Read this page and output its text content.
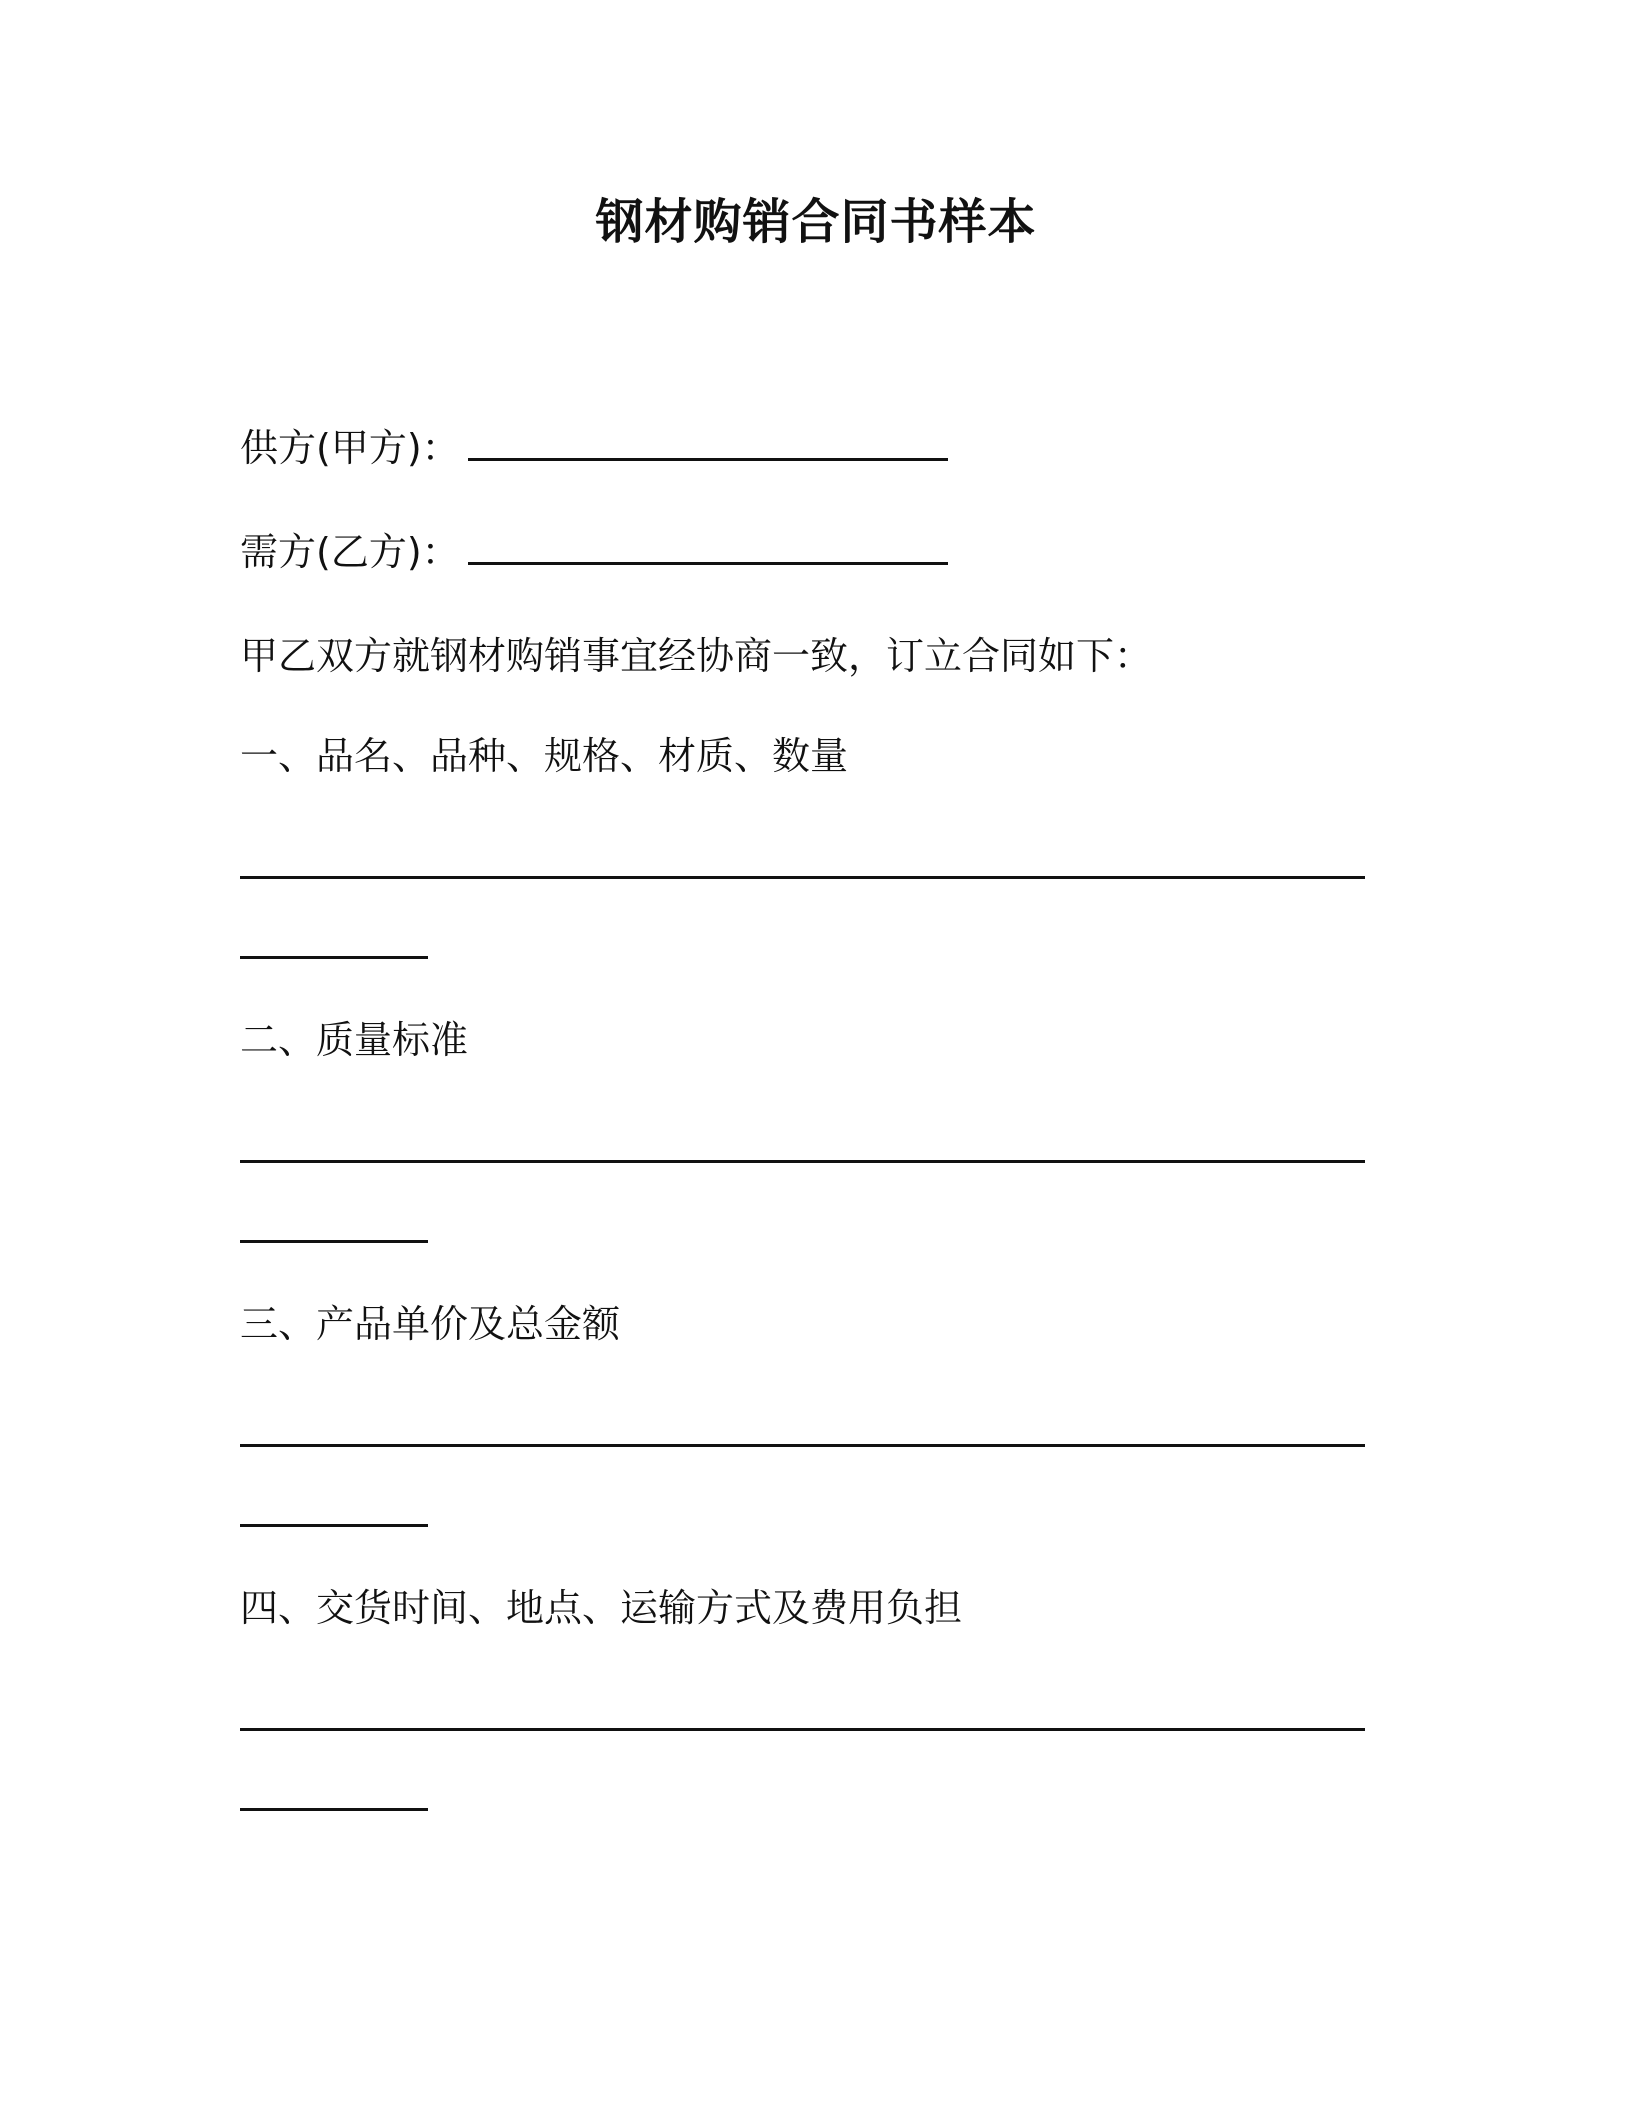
钢材购销合同书样本
供方(甲方)：
需方(乙方)：
甲乙双方就钢材购销事宜经协商一致，订立合同如下：
一、品名、品种、规格、材质、数量
二、质量标准
三、产品单价及总金额
四、交货时间、地点、运输方式及费用负担
